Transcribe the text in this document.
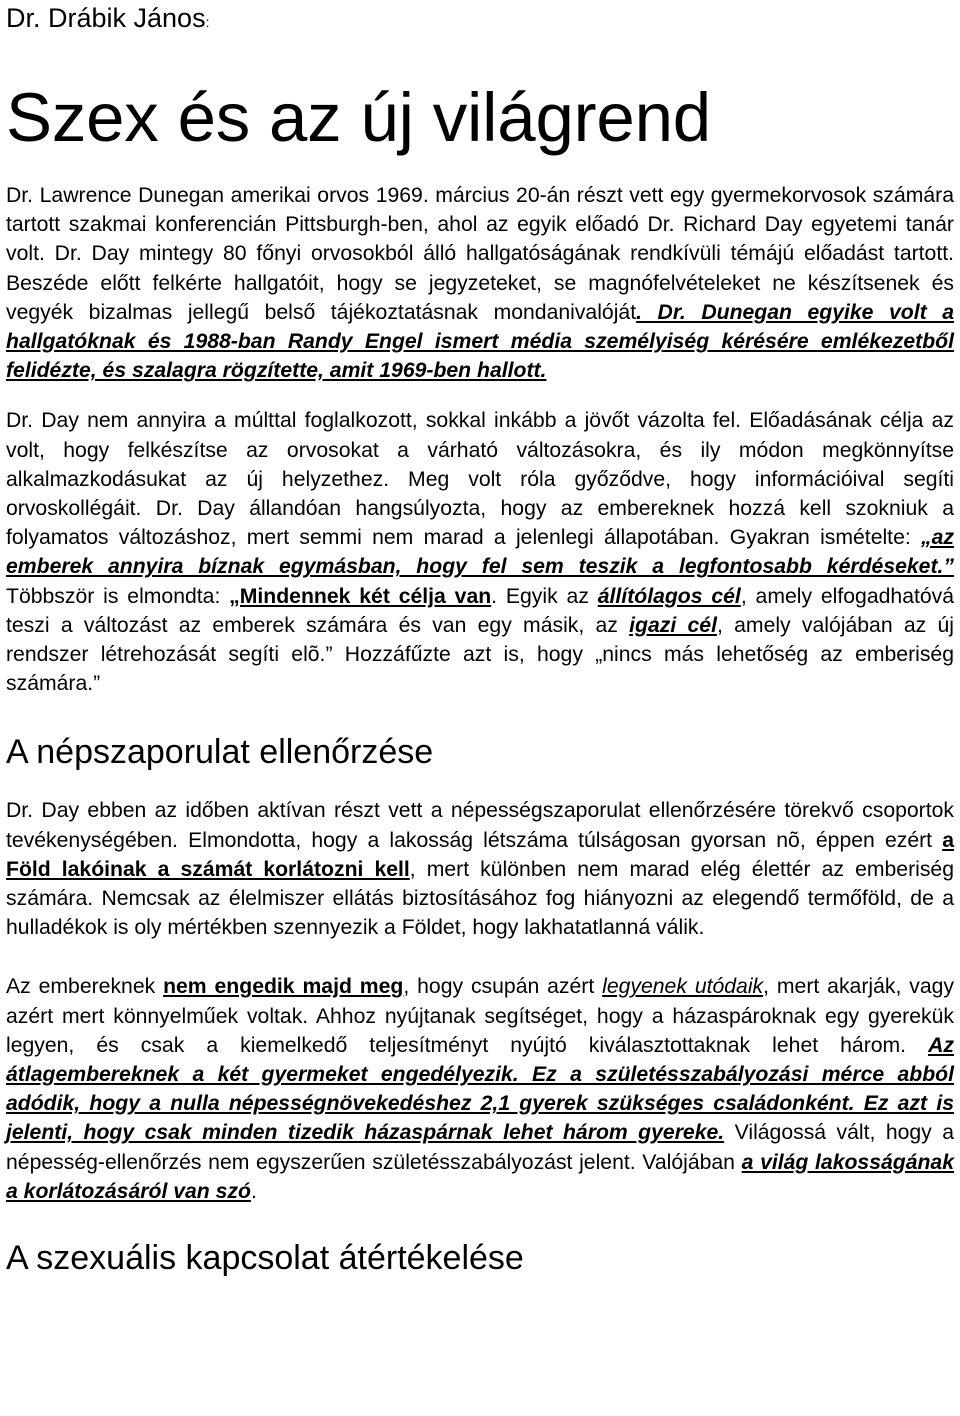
Dr. Drábik János:

Szex és az új világrend

Dr. Lawrence Dunegan amerikai orvos 1969. március 20-án részt vett egy gyermekorvosok számára tartott szakmai konferencián Pittsburgh-ben, ahol az egyik előadó Dr. Richard Day egyetemi tanár volt. Dr. Day mintegy 80 főnyi orvosokból álló hallgatóságának rendkívüli témájú előadást tartott. Beszéde előtt felkérte hallgatóit, hogy se jegyzeteket, se magnófelvételeket ne készítsenek és vegyék bizalmas jellegű belső tájékoztatásnak mondanivalóját. Dr. Dunegan egyike volt a hallgatóknak és 1988-ban Randy Engel ismert média személyiség kérésére emlékezetből felidézte, és szalagra rögzítette, amit 1969-ben hallott.

Dr. Day nem annyira a múlttal foglalkozott, sokkal inkább a jövőt vázolta fel. Előadásának célja az volt, hogy felkészítse az orvosokat a várható változásokra, és ily módon megkönnyítse alkalmazkodásukat az új helyzethez. Meg volt róla győződve, hogy információival segíti orvoskollégáit. Dr. Day állandóan hangsúlyozta, hogy az embereknek hozzá kell szokniuk a folyamatos változáshoz, mert semmi nem marad a jelenlegi állapotában. Gyakran ismételte: „az emberek annyira bíznak egymásban, hogy fel sem teszik a legfontosabb kérdéseket.” Többször is elmondta: „Mindennek két célja van. Egyik az állítólagos cél, amely elfogadhatóvá teszi a változást az emberek számára és van egy másik, az igazi cél, amely valójában az új rendszer létrehozását segíti elõ.” Hozzáfűzte azt is, hogy „nincs más lehetőség az emberiség számára.”

A népszaporulat ellenőrzése

Dr. Day ebben az időben aktívan részt vett a népességszaporulat ellenőrzésére törekvő csoportok tevékenységében. Elmondotta, hogy a lakosság létszáma túlságosan gyorsan nõ, éppen ezért a Föld lakóinak a számát korlátozni kell, mert különben nem marad elég élettér az emberiség számára. Nemcsak az élelmiszer ellátás biztosításához fog hiányozni az elegendő termőföld, de a hulladékok is oly mértékben szennyezik a Földet, hogy lakhatatlanná válik.

Az embereknek nem engedik majd meg, hogy csupán azért legyenek utódaik, mert akarják, vagy azért mert könnyelműek voltak. Ahhoz nyújtanak segítséget, hogy a házaspároknak egy gyerekük legyen, és csak a kiemelkedő teljesítményt nyújtó kiválasztottaknak lehet három. Az átlagembereknek a két gyermeket engedélyezik. Ez a születésszabályozási mérce abból adódik, hogy a nulla népességnövekedéshez 2,1 gyerek szükséges családonként. Ez azt is jelenti, hogy csak minden tizedik házaspárnak lehet három gyereke. Világossá vált, hogy a népesség-ellenőrzés nem egyszerűen születésszabályozást jelent. Valójában a világ lakosságának a korlátozásáról van szó.

A szexuális kapcsolat átértékelése
